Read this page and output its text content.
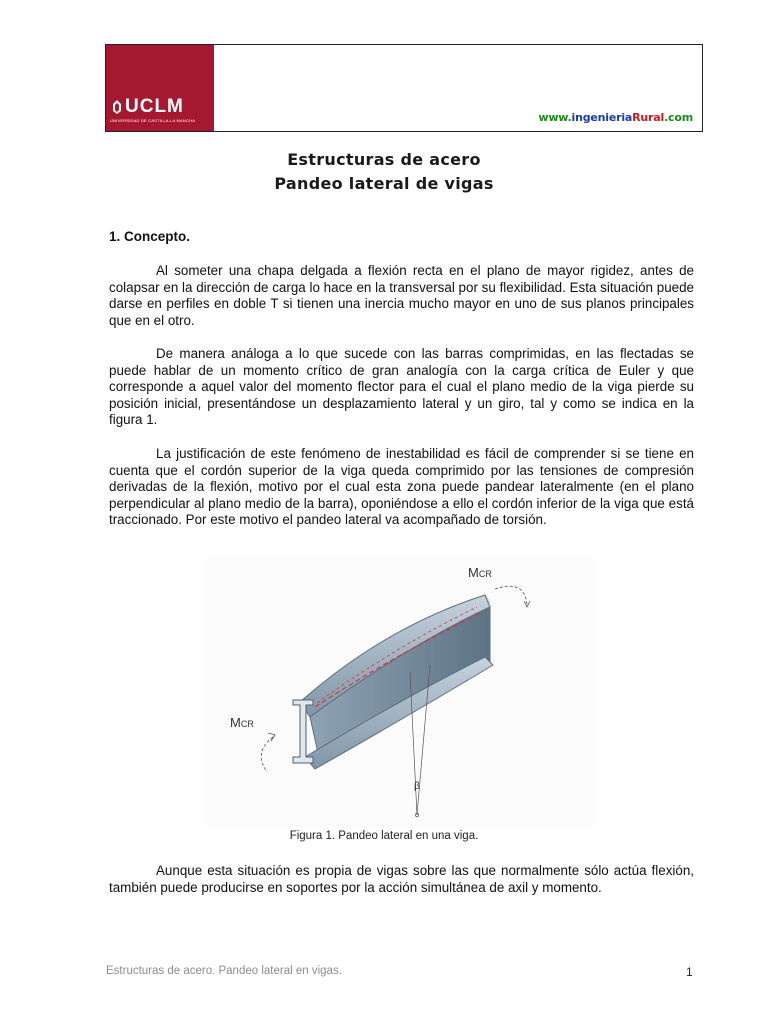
UCLM
UNIVERSIDAD DE CASTILLA-LA MANCHA	www.ingenieriaRural.com
Estructuras de acero
Pandeo lateral de vigas
1. Concepto.

Al someter una chapa delgada a flexión recta en el plano de mayor rigidez, antes de colapsar en la dirección de carga lo hace en la transversal por su flexibilidad. Esta situación puede darse en perfiles en doble T si tienen una inercia mucho mayor en uno de sus planos principales que en el otro.

De manera análoga a lo que sucede con las barras comprimidas, en las flectadas se puede hablar de un momento crítico de gran analogía con la carga crítica de Euler y que corresponde a aquel valor del momento flector para el cual el plano medio de la viga pierde su posición inicial, presentándose un desplazamiento lateral y un giro, tal y como se indica en la figura 1.

La justificación de este fenómeno de inestabilidad es fácil de comprender si se tiene en cuenta que el cordón superior de la viga queda comprimido por las tensiones de compresión derivadas de la flexión, motivo por el cual esta zona puede pandear lateralmente (en el plano perpendicular al plano medio de la barra), oponiéndose a ello el cordón inferior de la viga que está traccionado. Por este motivo el pandeo lateral va acompañado de torsión.

MCR
MCR
β
Figura 1. Pandeo lateral en una viga.

Aunque esta situación es propia de vigas sobre las que normalmente sólo actúa flexión, también puede producirse en soportes por la acción simultánea de axil y momento.

Estructuras de acero. Pandeo lateral en vigas.	1
